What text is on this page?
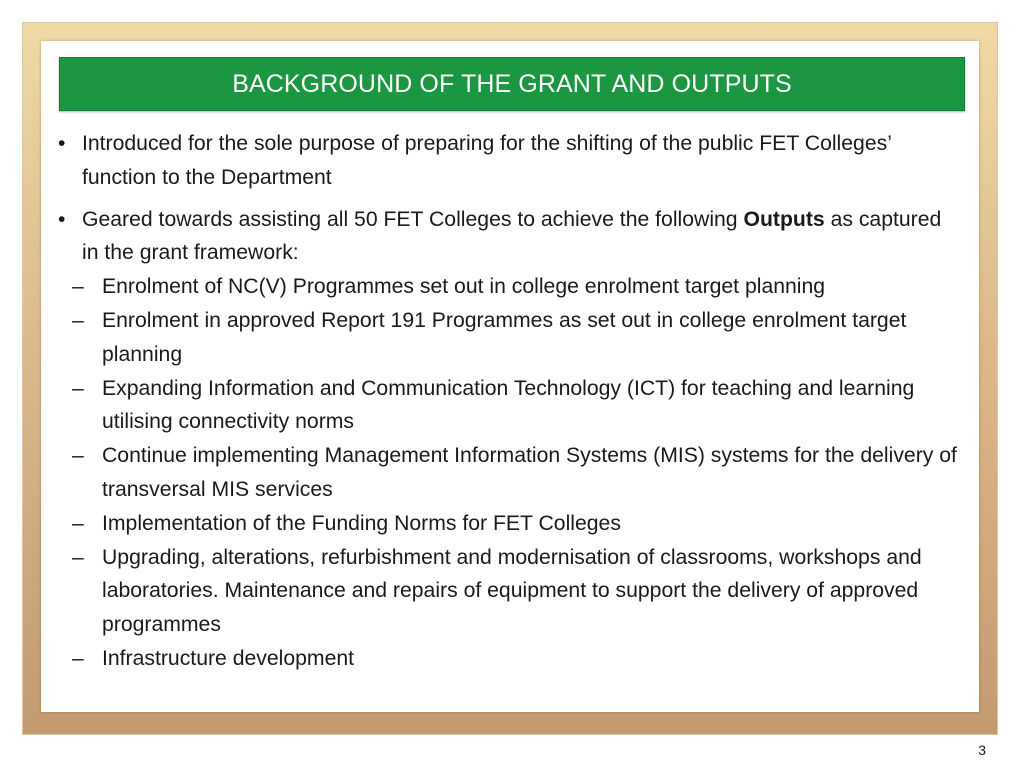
BACKGROUND OF THE GRANT AND OUTPUTS
• Introduced for the sole purpose of preparing for the shifting of the public FET Colleges’ function to the Department
• Geared towards assisting all 50 FET Colleges to achieve the following Outputs as captured in the grant framework:
– Enrolment of NC(V) Programmes set out in college enrolment target planning
– Enrolment in approved Report 191 Programmes as set out in college enrolment target planning
– Expanding Information and Communication Technology (ICT) for teaching and learning utilising connectivity norms
– Continue implementing Management Information Systems (MIS) systems for the delivery of transversal MIS services
– Implementation of the Funding Norms for FET Colleges
– Upgrading, alterations, refurbishment and modernisation of classrooms, workshops and laboratories. Maintenance and repairs of equipment to support the delivery of approved programmes
– Infrastructure development
3
